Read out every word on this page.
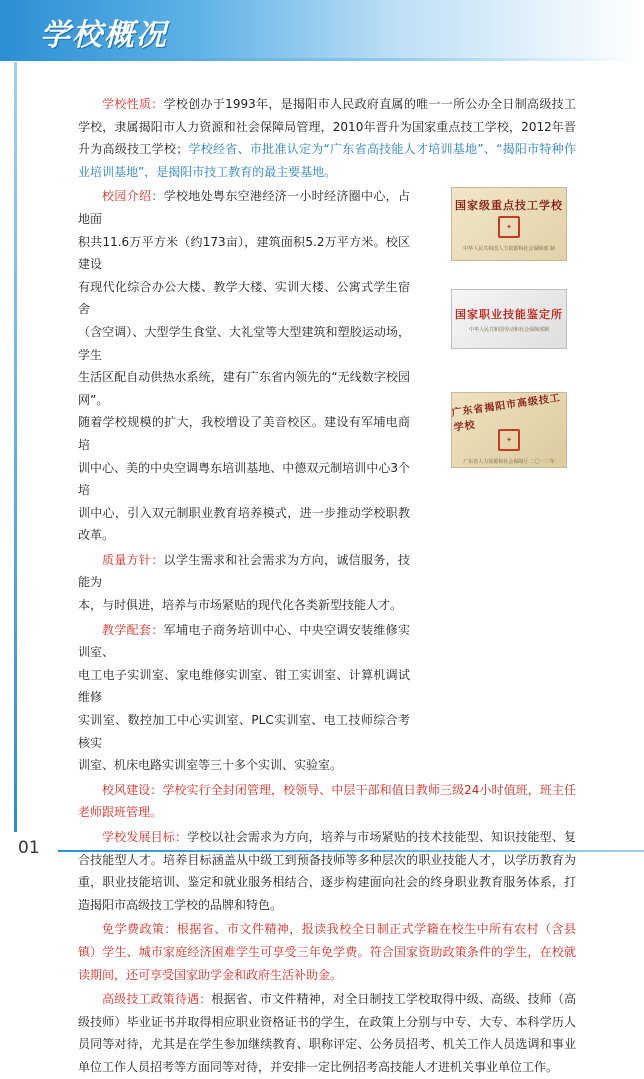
学校概况

学校性质：学校创办于1993年，是揭阳市人民政府直属的唯一一所公办全日制高级技工学校，隶属揭阳市人力资源和社会保障局管理，2010年晋升为国家重点技工学校，2012年晋升为高级技工学校；学校经省、市批准认定为“广东省高技能人才培训基地”、“揭阳市特种作业培训基地”，是揭阳市技工教育的最主要基地。

校园介绍：学校地处粤东空港经济一小时经济圈中心，占地面
积共11.6万平方米（约173亩），建筑面积5.2万平方米。校区建设
有现代化综合办公大楼、教学大楼、实训大楼、公寓式学生宿舍
（含空调）、大型学生食堂、大礼堂等大型建筑和塑胶运动场，学生
生活区配自动供热水系统，建有广东省内领先的“无线数字校园网”。
随着学校规模的扩大，我校增设了美音校区。建设有军埔电商培
训中心、美的中央空调粤东培训基地、中德双元制培训中心3个培
训中心，引入双元制职业教育培养模式，进一步推动学校职教改革。
质量方针：以学生需求和社会需求为方向，诚信服务，技能为
本，与时俱进，培养与市场紧贴的现代化各类新型技能人才。
教学配套：军埔电子商务培训中心、中央空调安装维修实训室、
电工电子实训室、家电维修实训室、钳工实训室、计算机调试维修
实训室、数控加工中心实训室、PLC实训室、电工技师综合考核实
训室、机床电路实训室等三十多个实训、实验室。

校风建设：学校实行全封闭管理，校领导、中层干部和值日教师三级24小时值班，班主任老师跟班管理。

学校发展目标：学校以社会需求为方向，培养与市场紧贴的技术技能型、知识技能型、复合技能型人才。培养目标涵盖从中级工到预备技师等多种层次的职业技能人才，以学历教育为重，职业技能培训、鉴定和就业服务相结合，逐步构建面向社会的终身职业教育服务体系，打造揭阳市高级技工学校的品牌和特色。

免学费政策：根据省、市文件精神，报读我校全日制正式学籍在校生中所有农村（含县镇）学生、城市家庭经济困难学生可享受三年免学费。符合国家资助政策条件的学生，在校就读期间，还可享受国家助学金和政府生活补助金。

高级技工政策待遇：根据省、市文件精神，对全日制技工学校取得中级、高级、技师（高级技师）毕业证书并取得相应职业资格证书的学生，在政策上分别与中专、大专、本科学历人员同等对待，尤其是在学生参加继续教育、职称评定、公务员招考、机关工作人员选调和事业单位工作人员招考等方面同等对待，并安排一定比例招考高技能人才进机关事业单位工作。

国家级重点技工学校
✦
中华人民共和国人力资源和社会保障部 制
国家职业技能鉴定所
中华人民共和国劳动和社会保障部制
广东省揭阳市高级技工学校
✦
广东省人力资源和社会保障厅 二〇一二年
01
